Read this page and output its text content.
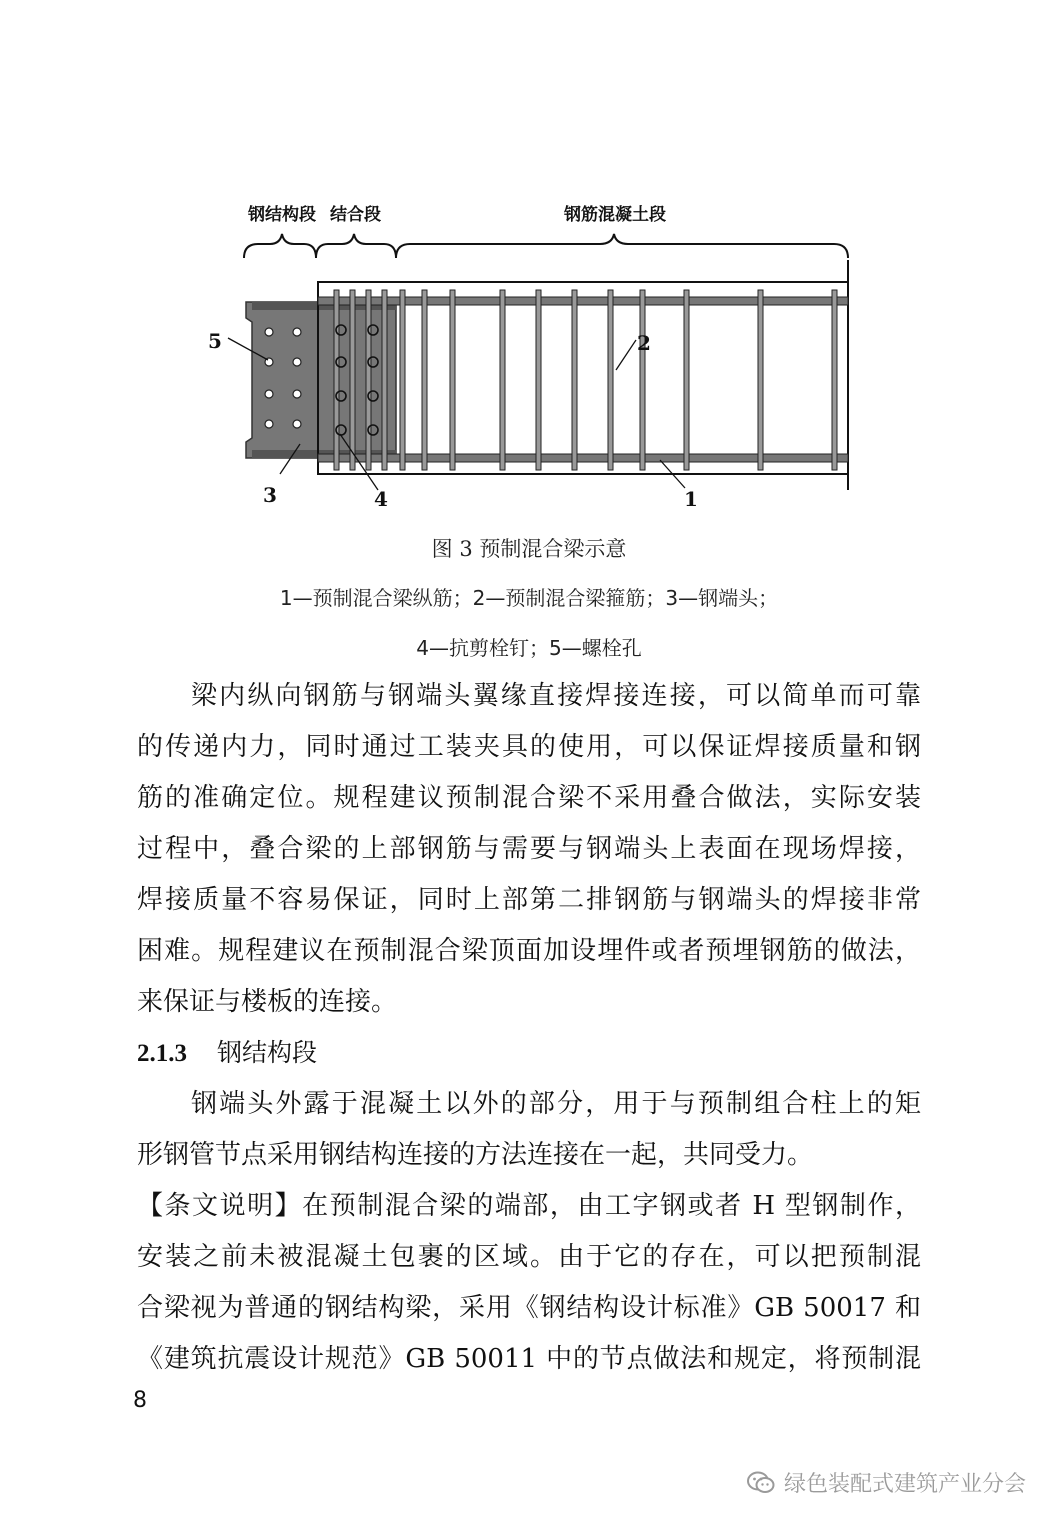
钢结构段 结合段	钢筋混凝土段
5	2
1
3	4
图 3 预制混合梁示意
1—预制混合梁纵筋；2—预制混合梁箍筋；3—钢端头；
4—抗剪栓钉；5—螺栓孔
梁内纵向钢筋与钢端头翼缘直接焊接连接，可以简单而可靠
的传递内力，同时通过工装夹具的使用，可以保证焊接质量和钢
筋的准确定位。规程建议预制混合梁不采用叠合做法，实际安装
过程中，叠合梁的上部钢筋与需要与钢端头上表面在现场焊接，
焊接质量不容易保证，同时上部第二排钢筋与钢端头的焊接非常
困难。规程建议在预制混合梁顶面加设埋件或者预埋钢筋的做法，
来保证与楼板的连接。
2.1.3 钢结构段
钢端头外露于混凝土以外的部分，用于与预制组合柱上的矩
形钢管节点采用钢结构连接的方法连接在一起，共同受力。
【条文说明】在预制混合梁的端部，由工字钢或者 H 型钢制作，
安装之前未被混凝土包裹的区域。由于它的存在，可以把预制混
合梁视为普通的钢结构梁，采用《钢结构设计标准》GB 50017 和
《建筑抗震设计规范》GB 50011 中的节点做法和规定，将预制混
8
绿色装配式建筑产业分会
